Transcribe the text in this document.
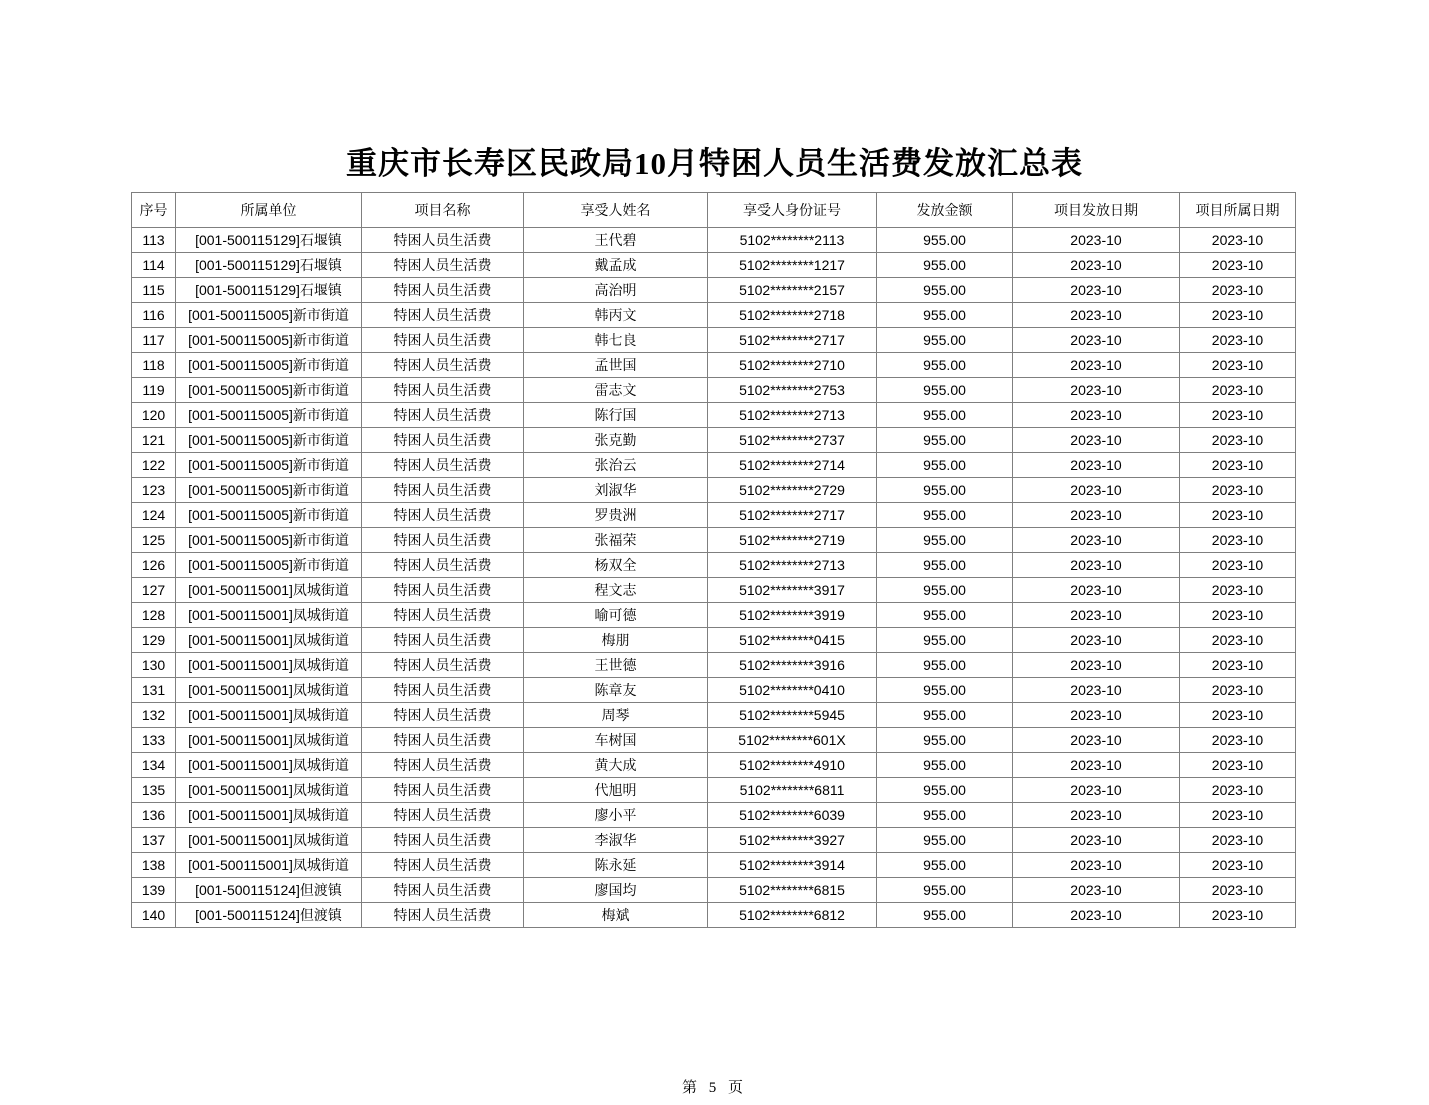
重庆市长寿区民政局10月特困人员生活费发放汇总表
序号	所属单位	项目名称	享受人姓名	享受人身份证号	发放金额	项目发放日期	项目所属日期
113	[001-500115129]石堰镇	特困人员生活费	王代碧	5102********2113	955.00	2023-10	2023-10
114	[001-500115129]石堰镇	特困人员生活费	戴孟成	5102********1217	955.00	2023-10	2023-10
115	[001-500115129]石堰镇	特困人员生活费	高治明	5102********2157	955.00	2023-10	2023-10
116	[001-500115005]新市街道	特困人员生活费	韩丙文	5102********2718	955.00	2023-10	2023-10
117	[001-500115005]新市街道	特困人员生活费	韩七良	5102********2717	955.00	2023-10	2023-10
118	[001-500115005]新市街道	特困人员生活费	孟世国	5102********2710	955.00	2023-10	2023-10
119	[001-500115005]新市街道	特困人员生活费	雷志文	5102********2753	955.00	2023-10	2023-10
120	[001-500115005]新市街道	特困人员生活费	陈行国	5102********2713	955.00	2023-10	2023-10
121	[001-500115005]新市街道	特困人员生活费	张克勤	5102********2737	955.00	2023-10	2023-10
122	[001-500115005]新市街道	特困人员生活费	张治云	5102********2714	955.00	2023-10	2023-10
123	[001-500115005]新市街道	特困人员生活费	刘淑华	5102********2729	955.00	2023-10	2023-10
124	[001-500115005]新市街道	特困人员生活费	罗贵洲	5102********2717	955.00	2023-10	2023-10
125	[001-500115005]新市街道	特困人员生活费	张福荣	5102********2719	955.00	2023-10	2023-10
126	[001-500115005]新市街道	特困人员生活费	杨双全	5102********2713	955.00	2023-10	2023-10
127	[001-500115001]凤城街道	特困人员生活费	程文志	5102********3917	955.00	2023-10	2023-10
128	[001-500115001]凤城街道	特困人员生活费	喻可德	5102********3919	955.00	2023-10	2023-10
129	[001-500115001]凤城街道	特困人员生活费	梅朋	5102********0415	955.00	2023-10	2023-10
130	[001-500115001]凤城街道	特困人员生活费	王世德	5102********3916	955.00	2023-10	2023-10
131	[001-500115001]凤城街道	特困人员生活费	陈章友	5102********0410	955.00	2023-10	2023-10
132	[001-500115001]凤城街道	特困人员生活费	周琴	5102********5945	955.00	2023-10	2023-10
133	[001-500115001]凤城街道	特困人员生活费	车树国	5102********601X	955.00	2023-10	2023-10
134	[001-500115001]凤城街道	特困人员生活费	黄大成	5102********4910	955.00	2023-10	2023-10
135	[001-500115001]凤城街道	特困人员生活费	代旭明	5102********6811	955.00	2023-10	2023-10
136	[001-500115001]凤城街道	特困人员生活费	廖小平	5102********6039	955.00	2023-10	2023-10
137	[001-500115001]凤城街道	特困人员生活费	李淑华	5102********3927	955.00	2023-10	2023-10
138	[001-500115001]凤城街道	特困人员生活费	陈永延	5102********3914	955.00	2023-10	2023-10
139	[001-500115124]但渡镇	特困人员生活费	廖国均	5102********6815	955.00	2023-10	2023-10
140	[001-500115124]但渡镇	特困人员生活费	梅斌	5102********6812	955.00	2023-10	2023-10
第 5 页
